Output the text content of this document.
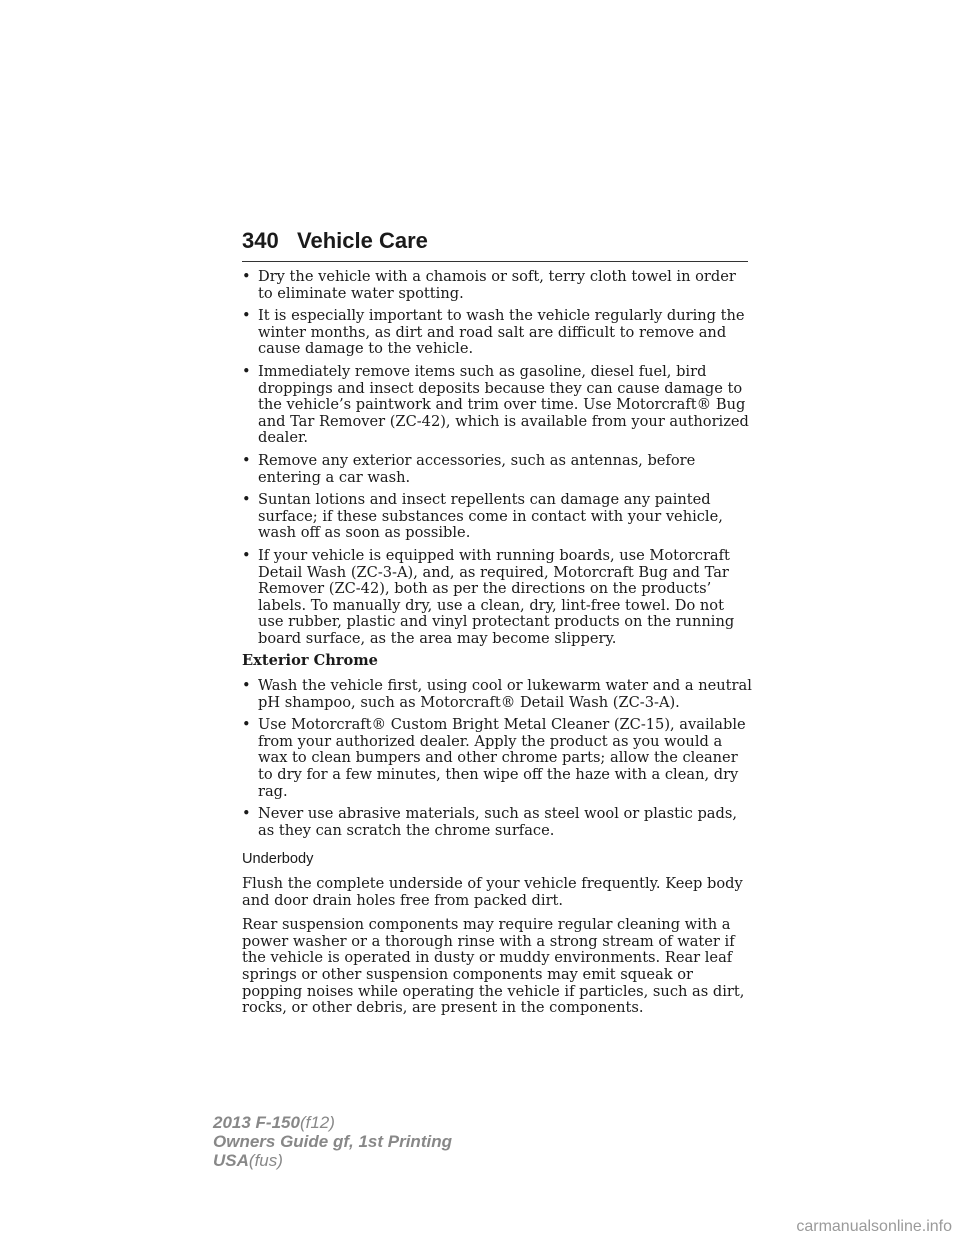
340 Vehicle Care
• Dry the vehicle with a chamois or soft, terry cloth towel in order to eliminate water spotting.
• It is especially important to wash the vehicle regularly during the winter months, as dirt and road salt are difficult to remove and cause damage to the vehicle.
• Immediately remove items such as gasoline, diesel fuel, bird droppings and insect deposits because they can cause damage to the vehicle’s paintwork and trim over time. Use Motorcraft® Bug and Tar Remover (ZC-42), which is available from your authorized dealer.
• Remove any exterior accessories, such as antennas, before entering a car wash.
• Suntan lotions and insect repellents can damage any painted surface; if these substances come in contact with your vehicle, wash off as soon as possible.
• If your vehicle is equipped with running boards, use Motorcraft Detail Wash (ZC-3-A), and, as required, Motorcraft Bug and Tar Remover (ZC-42), both as per the directions on the products’ labels. To manually dry, use a clean, dry, lint-free towel. Do not use rubber, plastic and vinyl protectant products on the running board surface, as the area may become slippery.
Exterior Chrome
• Wash the vehicle first, using cool or lukewarm water and a neutral pH shampoo, such as Motorcraft® Detail Wash (ZC-3-A).
• Use Motorcraft® Custom Bright Metal Cleaner (ZC-15), available from your authorized dealer. Apply the product as you would a wax to clean bumpers and other chrome parts; allow the cleaner to dry for a few minutes, then wipe off the haze with a clean, dry rag.
• Never use abrasive materials, such as steel wool or plastic pads, as they can scratch the chrome surface.
Underbody

Flush the complete underside of your vehicle frequently. Keep body and door drain holes free from packed dirt.

Rear suspension components may require regular cleaning with a power washer or a thorough rinse with a strong stream of water if the vehicle is operated in dusty or muddy environments. Rear leaf springs or other suspension components may emit squeak or popping noises while operating the vehicle if particles, such as dirt, rocks, or other debris, are present in the components.

2013 F-150(f12)
Owners Guide gf, 1st Printing
USA(fus)
carmanualsonline.info
